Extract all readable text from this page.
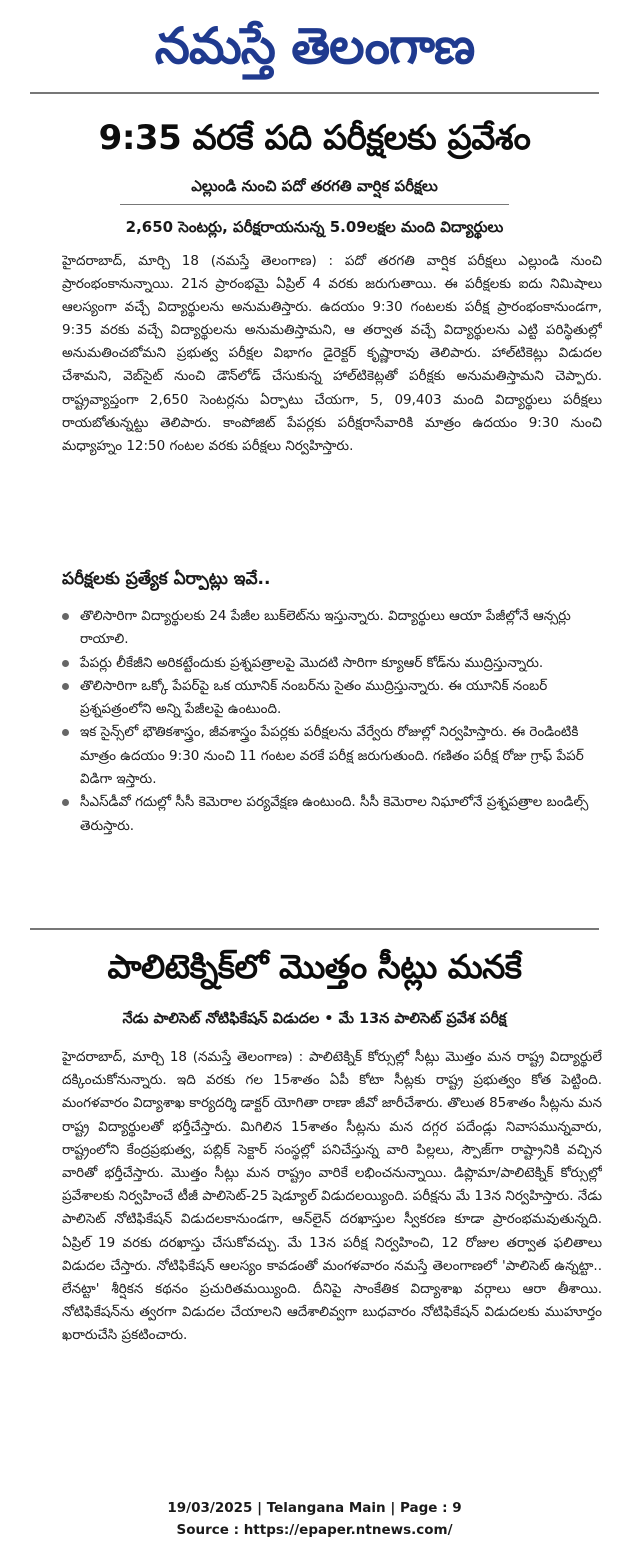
నమస్తే తెలంగాణ
9:35 వరకే పది పరీక్షలకు ప్రవేశం
ఎల్లుండి నుంచి పదో తరగతి వార్షిక పరీక్షలు
2,650 సెంటర్లు, పరీక్షరాయనున్న 5.09లక్షల మంది విద్యార్థులు

హైదరాబాద్, మార్చి 18 (నమస్తే తెలంగాణ) : పదో తరగతి వార్షిక పరీక్షలు ఎల్లుండి నుంచి ప్రారంభంకానున్నాయి. 21న ప్రారంభమై ఏప్రిల్ 4 వరకు జరుగుతాయి. ఈ పరీక్షలకు ఐదు నిమిషాలు ఆలస్యంగా వచ్చే విద్యార్థులను అనుమతిస్తారు. ఉదయం 9:30 గంటలకు పరీక్ష ప్రారంభంకానుండగా, 9:35 వరకు వచ్చే విద్యార్థులను అనుమతిస్తామని, ఆ తర్వాత వచ్చే విద్యార్థులను ఎట్టి పరిస్థితుల్లో అనుమతించబోమని ప్రభుత్వ పరీక్షల విభాగం డైరెక్టర్ కృష్ణారావు తెలిపారు. హాల్‌టికెట్లు విడుదల చేశామని, వెబ్‌సైట్ నుంచి డౌన్‌లోడ్ చేసుకున్న హాల్‌టికెట్లతో పరీక్షకు అనుమతిస్తామని చెప్పారు. రాష్ట్రవ్యాప్తంగా 2,650 సెంటర్లను ఏర్పాటు చేయగా, 5, 09,403 మంది విద్యార్థులు పరీక్షలు రాయబోతున్నట్టు తెలిపారు. కాంపోజిట్ పేపర్లకు పరీక్షరాసేవారికి మాత్రం ఉదయం 9:30 నుంచి మధ్యాహ్నం 12:50 గంటల వరకు పరీక్షలు నిర్వహిస్తారు.

పరీక్షలకు ప్రత్యేక ఏర్పాట్లు ఇవే..
తొలిసారిగా విద్యార్థులకు 24 పేజీల బుక్‌లెట్‌ను ఇస్తున్నారు. విద్యార్థులు ఆయా పేజీల్లోనే ఆన్సర్లు రాయాలి.
పేపర్లు లీకేజీని అరికట్టేందుకు ప్రశ్నపత్రాలపై మొదటి సారిగా క్యూఆర్ కోడ్‌ను ముద్రిస్తున్నారు.
తొలిసారిగా ఒక్కో పేపర్‌పై ఒక యూనిక్ నంబర్‌ను సైతం ముద్రిస్తున్నారు. ఈ యూనిక్ నంబర్ ప్రశ్నపత్రంలోని అన్ని పేజీలపై ఉంటుంది.
ఇక సైన్స్‌లో భౌతికశాస్త్రం, జీవశాస్త్రం పేపర్లకు పరీక్షలను వేర్వేరు రోజుల్లో నిర్వహిస్తారు. ఈ రెండింటికి మాత్రం ఉదయం 9:30 నుంచి 11 గంటల వరకే పరీక్ష జరుగుతుంది. గణితం పరీక్ష రోజు గ్రాఫ్ పేపర్ విడిగా ఇస్తారు.
సీఎస్‌డీవో గదుల్లో సీసీ కెమెరాల పర్యవేక్షణ ఉంటుంది. సీసీ కెమెరాల నిఘాలోనే ప్రశ్నపత్రాల బండిల్స్ తెరుస్తారు.
పాలిటెక్నిక్‌లో మొత్తం సీట్లు మనకే
నేడు పాలిసెట్ నోటిఫికేషన్ విడుదల • మే 13న పాలిసెట్ ప్రవేశ పరీక్ష

హైదరాబాద్, మార్చి 18 (నమస్తే తెలంగాణ) : పాలిటెక్నిక్ కోర్సుల్లో సీట్లు మొత్తం మన రాష్ట్ర విద్యార్థులే దక్కించుకోనున్నారు. ఇది వరకు గల 15శాతం ఏపీ కోటా సీట్లకు రాష్ట్ర ప్రభుత్వం కోత పెట్టింది. మంగళవారం విద్యాశాఖ కార్యదర్శి డాక్టర్ యోగితా రాణా జీవో జారీచేశారు. తొలుత 85శాతం సీట్లను మన రాష్ట్ర విద్యార్థులతో భర్తీచేస్తారు. మిగిలిన 15శాతం సీట్లను మన దగ్గర పదేండ్లు నివాసమున్నవారు, రాష్ట్రంలోని కేంద్రప్రభుత్వ, పబ్లిక్ సెక్టార్ సంస్థల్లో పనిచేస్తున్న వారి పిల్లలు, స్పౌజ్‌గా రాష్ట్రానికి వచ్చిన వారితో భర్తీచేస్తారు. మొత్తం సీట్లు మన రాష్ట్రం వారికే లభించనున్నాయి. డిప్లొమా/పాలిటెక్నిక్ కోర్సుల్లో ప్రవేశాలకు నిర్వహించే టీజీ పాలిసెట్-25 షెడ్యూల్ విడుదలయ్యింది. పరీక్షను మే 13న నిర్వహిస్తారు. నేడు పాలిసెట్ నోటిఫికేషన్ విడుదలకానుండగా, ఆన్‌లైన్ దరఖాస్తుల స్వీకరణ కూడా ప్రారంభమవుతున్నది. ఏప్రిల్ 19 వరకు దరఖాస్తు చేసుకోవచ్చు. మే 13న పరీక్ష నిర్వహించి, 12 రోజుల తర్వాత ఫలితాలు విడుదల చేస్తారు. నోటిఫికేషన్ ఆలస్యం కావడంతో మంగళవారం నమస్తే తెలంగాణలో 'పాలిసెట్ ఉన్నట్టా.. లేనట్టా' శీర్షికన కథనం ప్రచురితమయ్యింది. దీనిపై సాంకేతిక విద్యాశాఖ వర్గాలు ఆరా తీశాయి. నోటిఫికేషన్‌ను త్వరగా విడుదల చేయాలని ఆదేశాలివ్వగా బుధవారం నోటిఫికేషన్ విడుదలకు ముహూర్తం ఖరారుచేసి ప్రకటించారు.

19/03/2025 | Telangana Main | Page : 9
Source : https://epaper.ntnews.com/
